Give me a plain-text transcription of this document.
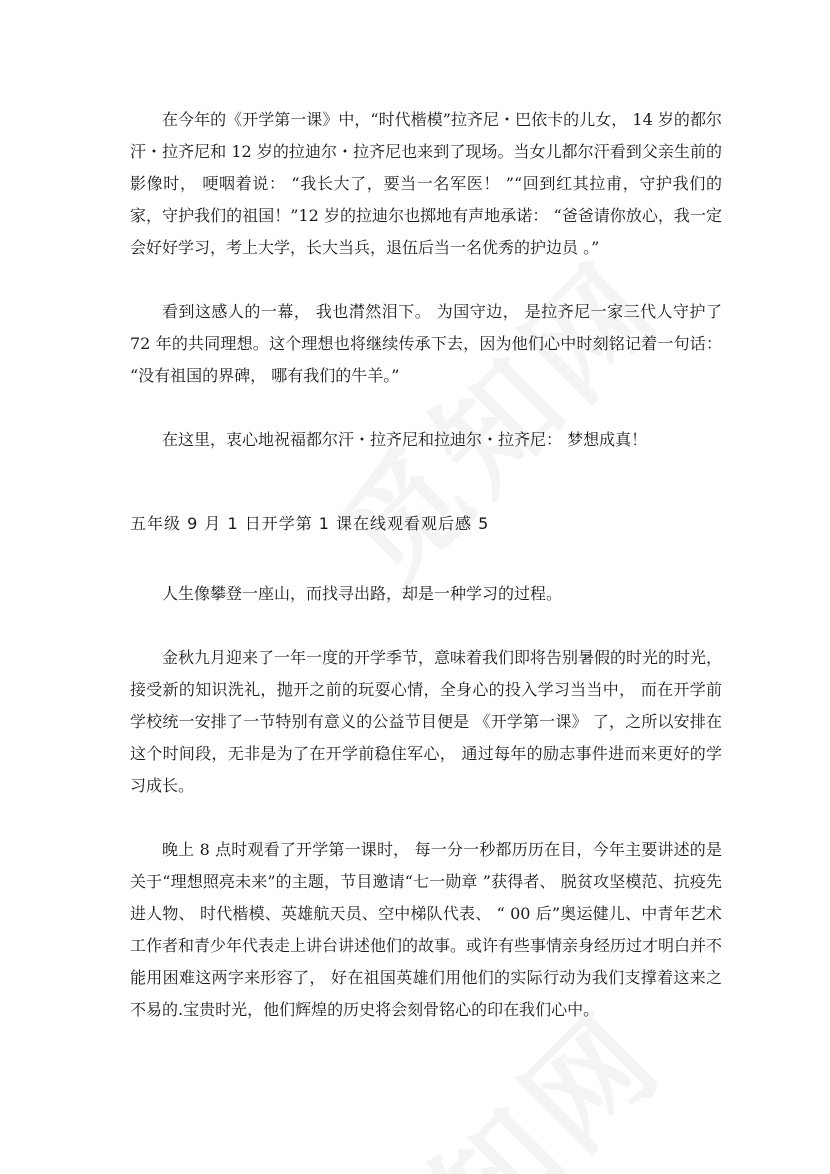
在今年的《开学第一课》中，“时代楷模”拉齐尼・巴依卡的儿女， 14 岁的都尔汗・拉齐尼和 12 岁的拉迪尔・拉齐尼也来到了现场。当女儿都尔汗看到父亲生前的影像时， 哽咽着说： “我长大了，要当一名军医！ ”“回到红其拉甫，守护我们的家，守护我们的祖国！”12 岁的拉迪尔也掷地有声地承诺： “爸爸请你放心，我一定会好好学习，考上大学，长大当兵，退伍后当一名优秀的护边员 。”

看到这感人的一幕， 我也潸然泪下。 为国守边， 是拉齐尼一家三代人守护了 72 年的共同理想。这个理想也将继续传承下去，因为他们心中时刻铭记着一句话： “没有祖国的界碑， 哪有我们的牛羊。”

在这里，衷心地祝福都尔汗・拉齐尼和拉迪尔・拉齐尼： 梦想成真！

五年级 9 月 1 日开学第 1 课在线观看观后感 5

人生像攀登一座山，而找寻出路，却是一种学习的过程。

金秋九月迎来了一年一度的开学季节，意味着我们即将告别暑假的时光的时光，接受新的知识洗礼，抛开之前的玩耍心情，全身心的投入学习当当中， 而在开学前学校统一安排了一节特别有意义的公益节目便是 《开学第一课》 了，之所以安排在这个时间段，无非是为了在开学前稳住军心， 通过每年的励志事件进而来更好的学习成长。

晚上 8 点时观看了开学第一课时， 每一分一秒都历历在目，今年主要讲述的是关于“理想照亮未来”的主题，节目邀请“七一勋章 ”获得者、 脱贫攻坚模范、抗疫先进人物、 时代楷模、英雄航天员、空中梯队代表、 “ 00 后”奥运健儿、中青年艺术工作者和青少年代表走上讲台讲述他们的故事。或许有些事情亲身经历过才明白并不能用困难这两字来形容了， 好在祖国英雄们用他们的实际行动为我们支撑着这来之不易的.宝贵时光，他们辉煌的历史将会刻骨铭心的印在我们心中。
